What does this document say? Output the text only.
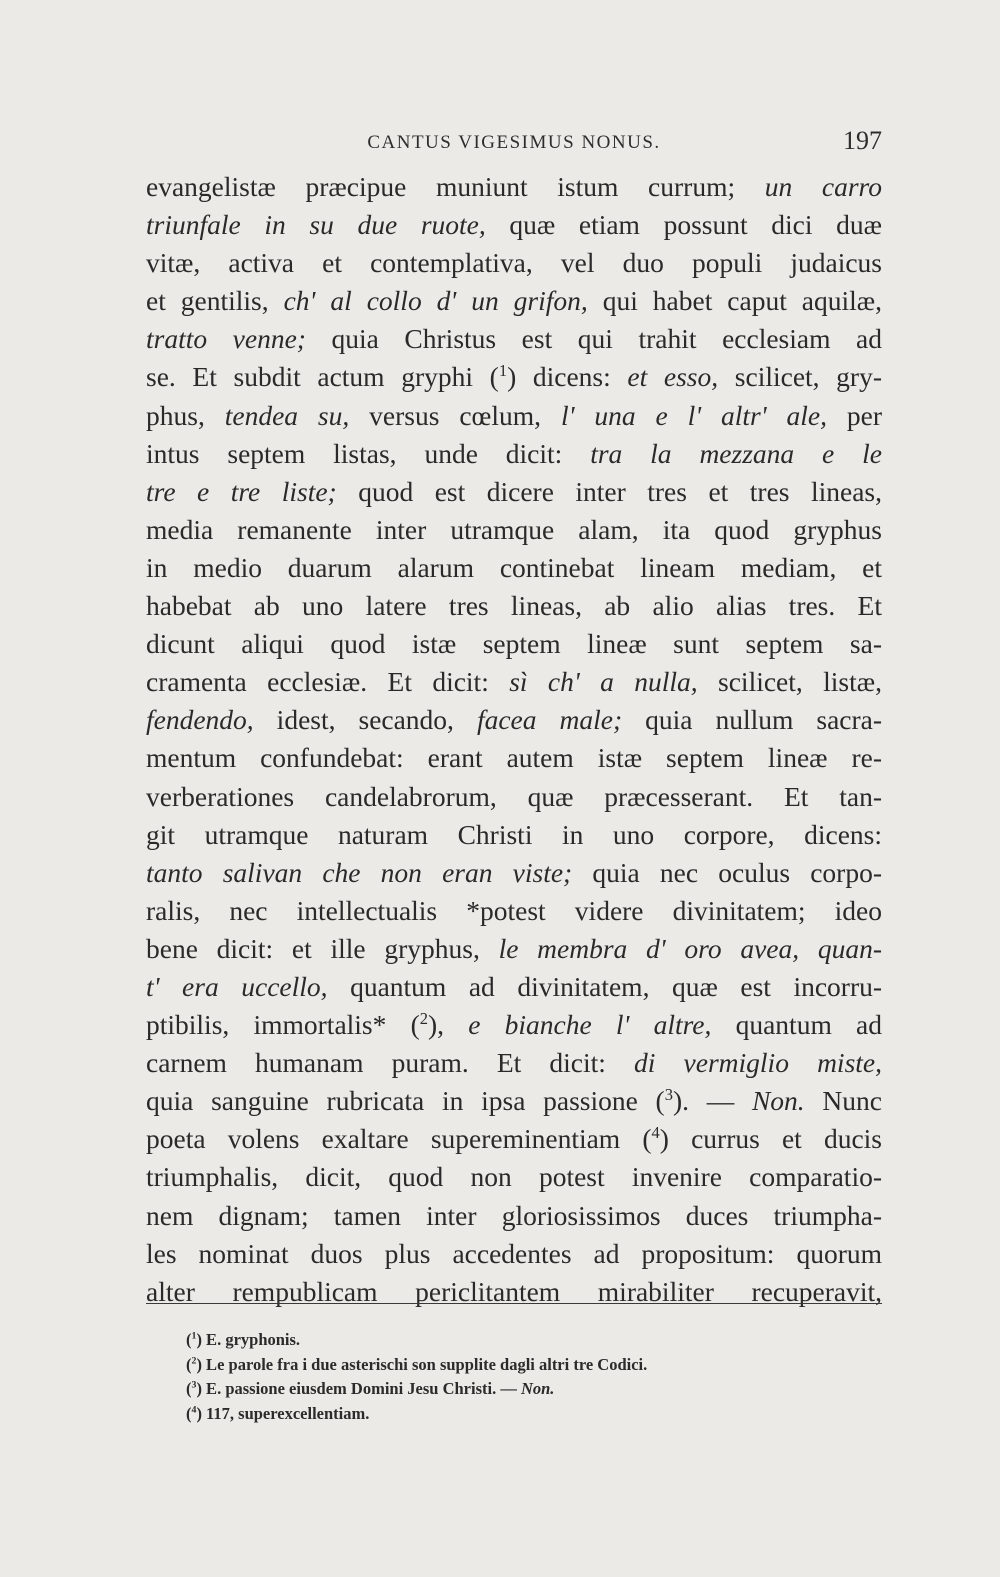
CANTUS VIGESIMUS NONUS.	197
evangelistæ præcipue muniunt istum currum; un carro
triunfale in su due ruote, quæ etiam possunt dici duæ
vitæ, activa et contemplativa, vel duo populi judaicus
et gentilis, ch' al collo d' un grifon, qui habet caput aquilæ,
tratto venne; quia Christus est qui trahit ecclesiam ad
se. Et subdit actum gryphi ($^1$) dicens: et esso, scilicet, gry-
phus, tendea su, versus cœlum, l' una e l' altr' ale, per
intus septem listas, unde dicit: tra la mezzana e le
tre e tre liste; quod est dicere inter tres et tres lineas,
media remanente inter utramque alam, ita quod gryphus
in medio duarum alarum continebat lineam mediam, et
habebat ab uno latere tres lineas, ab alio alias tres. Et
dicunt aliqui quod istæ septem lineæ sunt septem sa-
cramenta ecclesiæ. Et dicit: sì ch' a nulla, scilicet, listæ,
fendendo, idest, secando, facea male; quia nullum sacra-
mentum confundebat: erant autem istæ septem lineæ re-
verberationes candelabrorum, quæ præcesserant. Et tan-
git utramque naturam Christi in uno corpore, dicens:
tanto salivan che non eran viste; quia nec oculus corpo-
ralis, nec intellectualis *potest videre divinitatem; ideo
bene dicit: et ille gryphus, le membra d' oro avea, quan-
t' era uccello, quantum ad divinitatem, quæ est incorru-
ptibilis, immortalis* ($^2$), e bianche l' altre, quantum ad
carnem humanam puram. Et dicit: di vermiglio miste,
quia sanguine rubricata in ipsa passione ($^3$). — Non. Nunc
poeta volens exaltare supereminentiam ($^4$) currus et ducis
triumphalis, dicit, quod non potest invenire comparatio-
nem dignam; tamen inter gloriosissimos duces triumpha-
les nominat duos plus accedentes ad propositum: quorum
alter rempublicam periclitantem mirabiliter recuperavit,
($^1$) E. gryphonis.
($^2$) Le parole fra i due asterischi son supplite dagli altri tre Codici.
($^3$) E. passione eiusdem Domini Jesu Christi. — Non.
($^4$) 117, superexcellentiam.
